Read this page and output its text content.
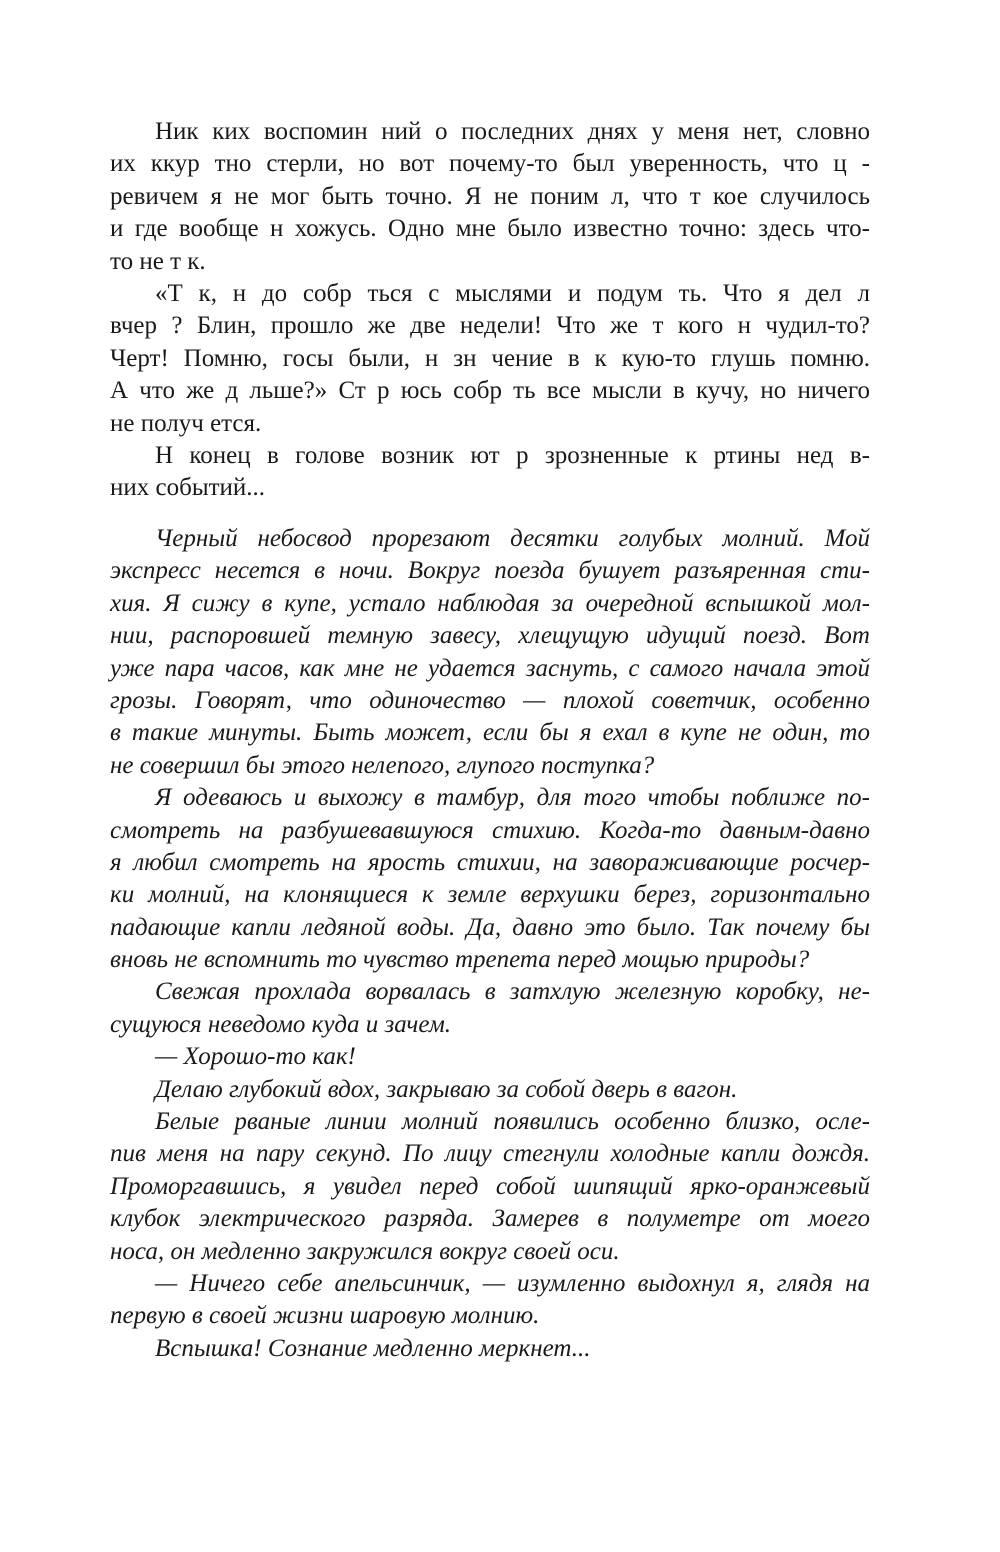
Ник ких воспомин ний о последних днях у меня нет, словно
их ккур тно стерли, но вот почему-то был уверенность, что ц -
ревичем я не мог быть точно. Я не поним л, что т кое случилось
и где вообще н хожусь. Одно мне было известно точно: здесь что-
то не т к.
«Т к, н до собр ться с мыслями и подум ть. Что я дел л
вчер ? Блин, прошло же две недели! Что же т кого н чудил-то?
Черт! Помню, госы были, н зн чение в к кую-то глушь помню.
А что же д льше?» Ст р юсь собр ть все мысли в кучу, но ничего
не получ ется.
Н конец в голове возник ют р зрозненные к ртины нед в-
них событий...
Черный небосвод прорезают десятки голубых молний. Мой
экспресс несется в ночи. Вокруг поезда бушует разъяренная сти-
хия. Я сижу в купе, устало наблюдая за очередной вспышкой мол-
нии, распоровшей темную завесу, хлещущую идущий поезд. Вот
уже пара часов, как мне не удается заснуть, с самого начала этой
грозы. Говорят, что одиночество — плохой советчик, особенно
в такие минуты. Быть может, если бы я ехал в купе не один, то
не совершил бы этого нелепого, глупого поступка?
Я одеваюсь и выхожу в тамбур, для того чтобы поближе по-
смотреть на разбушевавшуюся стихию. Когда-то давным-давно
я любил смотреть на ярость стихии, на завораживающие росчер-
ки молний, на клонящиеся к земле верхушки берез, горизонтально
падающие капли ледяной воды. Да, давно это было. Так почему бы
вновь не вспомнить то чувство трепета перед мощью природы?
Свежая прохлада ворвалась в затхлую железную коробку, не-
сущуюся неведомо куда и зачем.
— Хорошо-то как!
Делаю глубокий вдох, закрываю за собой дверь в вагон.
Белые рваные линии молний появились особенно близко, осле-
пив меня на пару секунд. По лицу стегнули холодные капли дождя.
Проморгавшись, я увидел перед собой шипящий ярко-оранжевый
клубок электрического разряда. Замерев в полуметре от моего
носа, он медленно закружился вокруг своей оси.
— Ничего себе апельсинчик, — изумленно выдохнул я, глядя на
первую в своей жизни шаровую молнию.
Вспышка! Сознание медленно меркнет...
